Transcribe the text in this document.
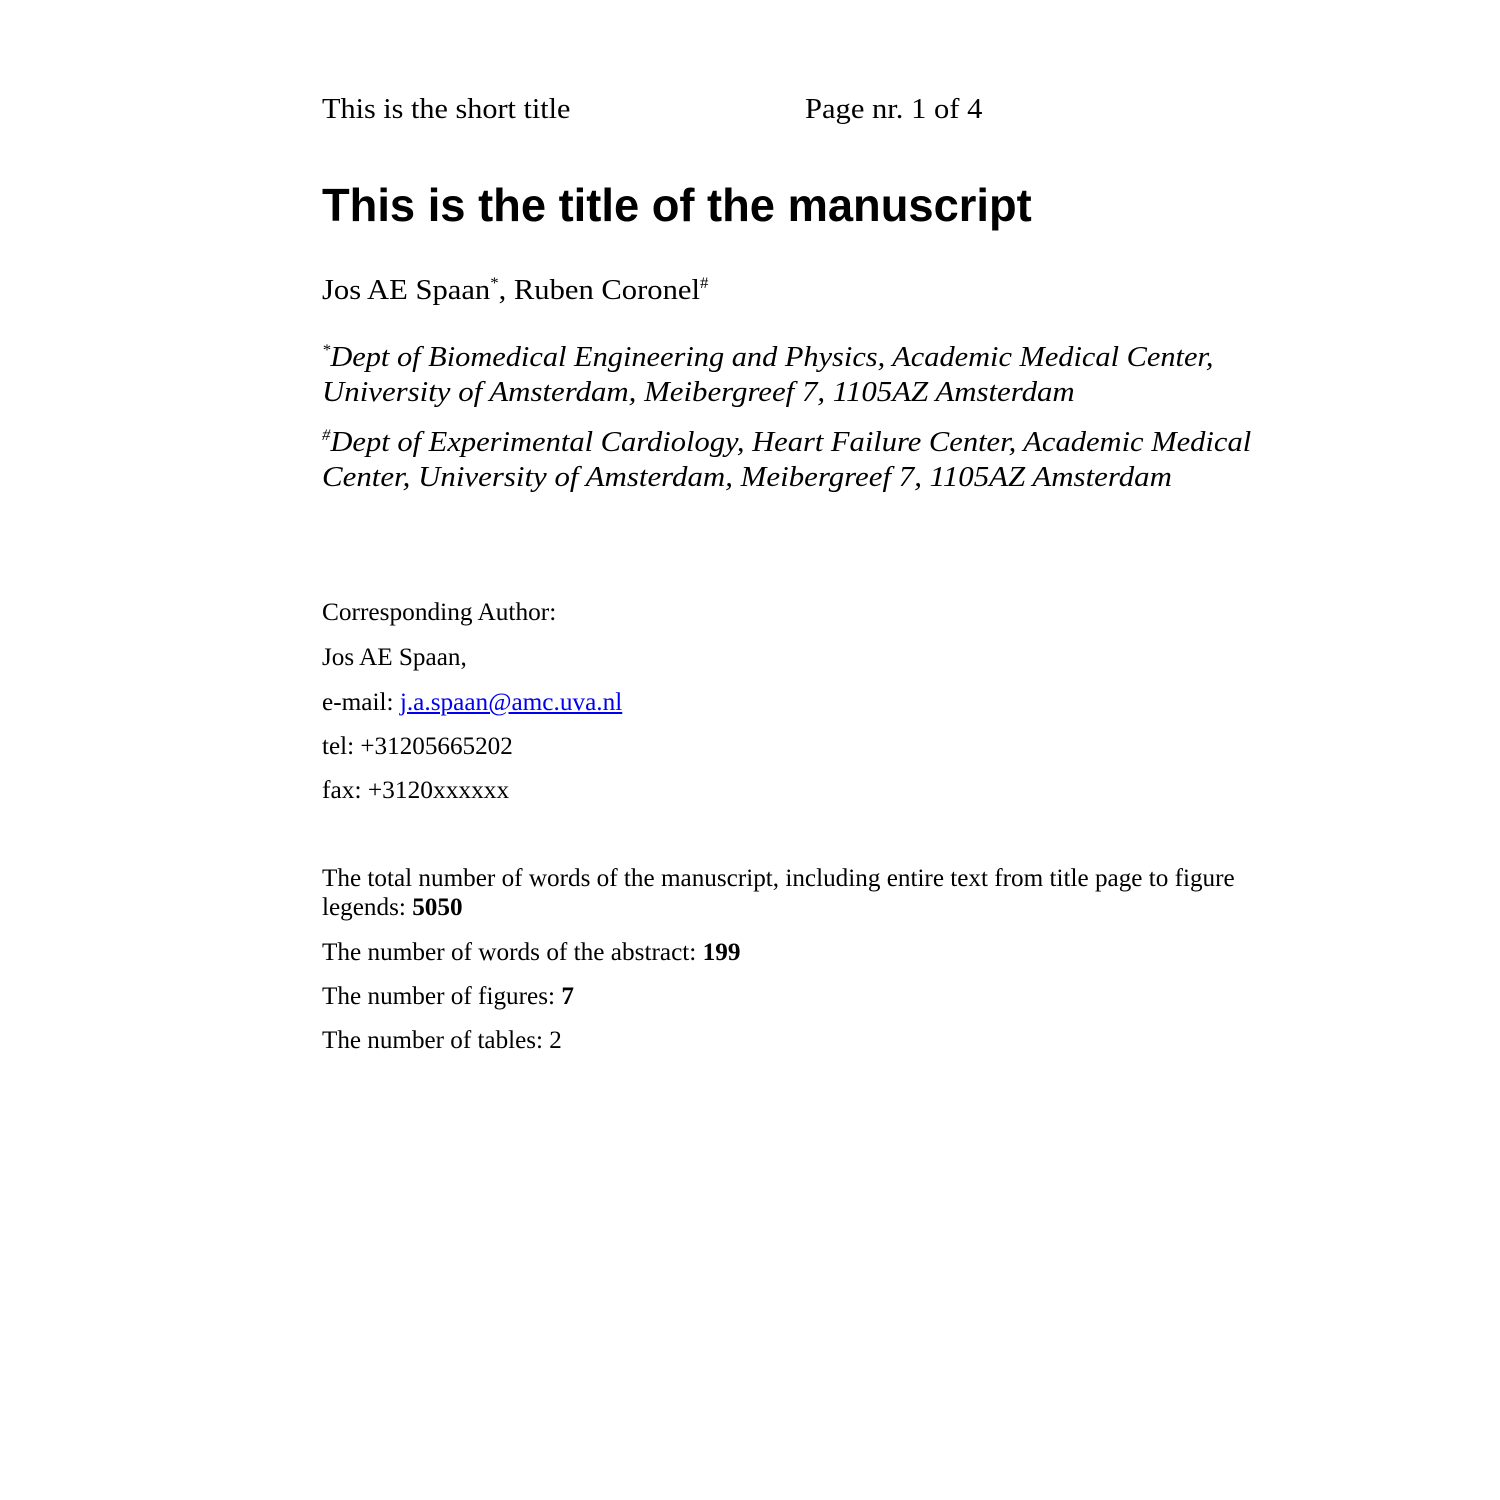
This is the short title	Page nr. 1 of 4
This is the title of the manuscript
Jos AE Spaan*, Ruben Coronel#
*Dept of Biomedical Engineering and Physics, Academic Medical Center,
University of Amsterdam, Meibergreef 7, 1105AZ Amsterdam
#Dept of Experimental Cardiology, Heart Failure Center, Academic Medical
Center, University of Amsterdam, Meibergreef 7, 1105AZ Amsterdam
Corresponding Author:
Jos AE Spaan,
e-mail: j.a.spaan@amc.uva.nl
tel: +31205665202
fax: +3120xxxxxx
The total number of words of the manuscript, including entire text from title page to figure
legends: 5050
The number of words of the abstract: 199
The number of figures: 7
The number of tables: 2
